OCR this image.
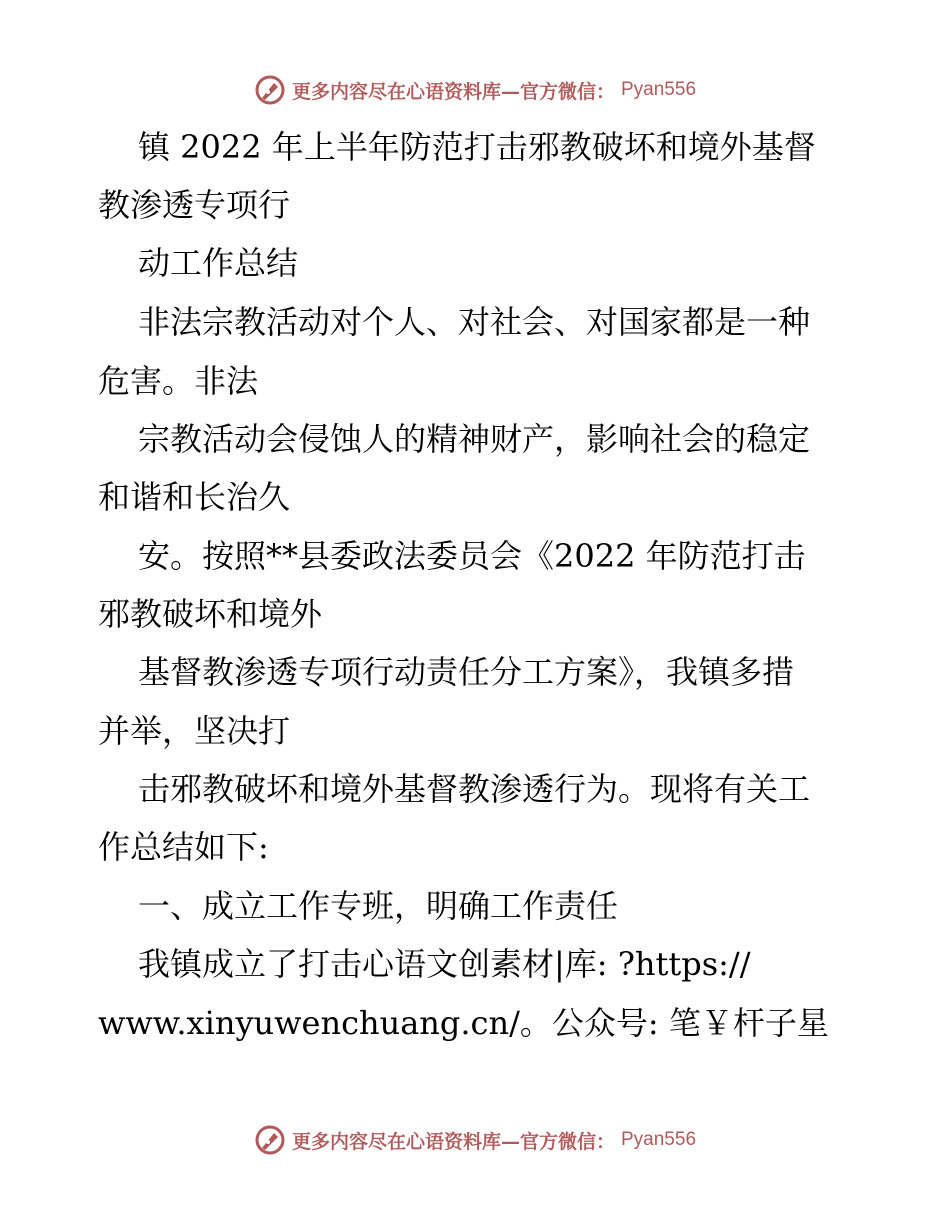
更多内容尽在心语资料库—官方微信： Pyan556
镇 2022 年上半年防范打击邪教破坏和境外基督
教渗透专项行
动工作总结
非法宗教活动对个人、对社会、对国家都是一种
危害。非法
宗教活动会侵蚀人的精神财产，影响社会的稳定
和谐和长治久
安。按照**县委政法委员会《2022 年防范打击
邪教破坏和境外
基督教渗透专项行动责任分工方案》，我镇多措
并举，坚决打
击邪教破坏和境外基督教渗透行为。现将有关工
作总结如下:
一、成立工作专班，明确工作责任
我镇成立了打击心语文创素材|库: ?https://
www.xinyuwenchuang.cn/。公众号: 笔￥杆子星
更多内容尽在心语资料库—官方微信： Pyan556
